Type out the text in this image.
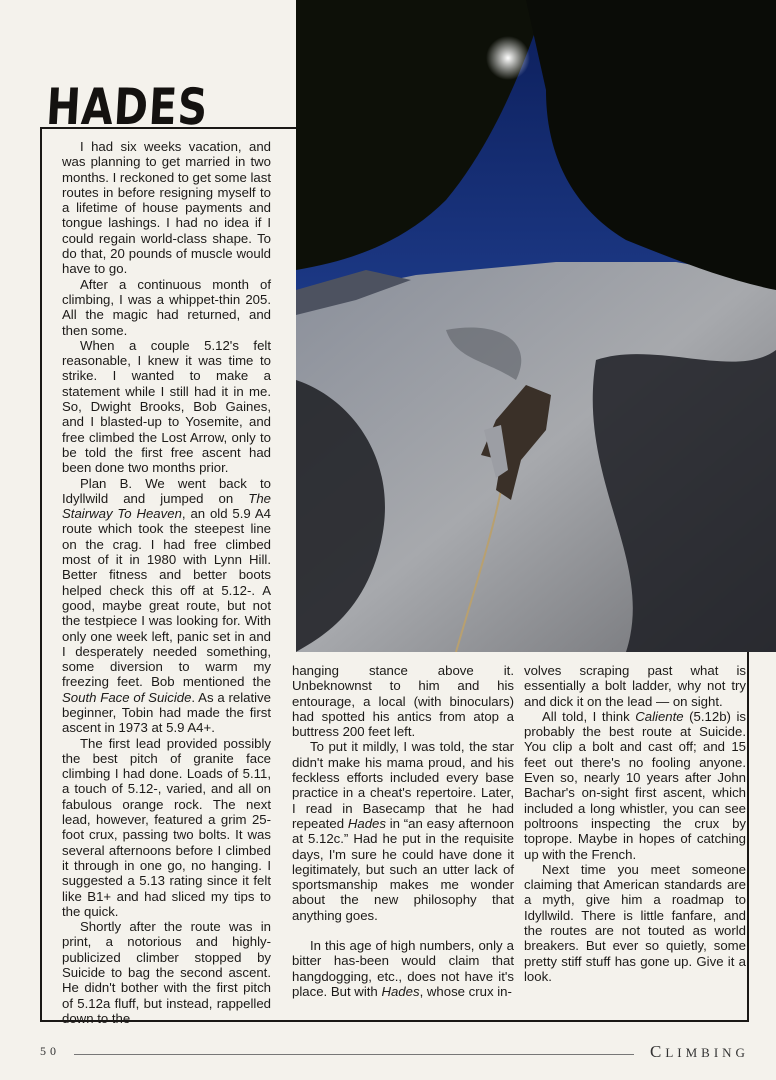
HADES

I had six weeks vacation, and was planning to get married in two months. I reckoned to get some last routes in before resigning myself to a lifetime of house payments and tongue lashings. I had no idea if I could regain world-class shape. To do that, 20 pounds of muscle would have to go.

After a continuous month of climbing, I was a whippet-thin 205. All the magic had returned, and then some.

When a couple 5.12's felt reasonable, I knew it was time to strike. I wanted to make a statement while I still had it in me. So, Dwight Brooks, Bob Gaines, and I blasted-up to Yosemite, and free climbed the Lost Arrow, only to be told the first free ascent had been done two months prior.

Plan B. We went back to Idyllwild and jumped on The Stairway To Heaven, an old 5.9 A4 route which took the steepest line on the crag. I had free climbed most of it in 1980 with Lynn Hill. Better fitness and better boots helped check this off at 5.12-. A good, maybe great route, but not the testpiece I was looking for. With only one week left, panic set in and I desperately needed something, some diversion to warm my freezing feet. Bob mentioned the South Face of Suicide. As a relative beginner, Tobin had made the first ascent in 1973 at 5.9 A4+.

The first lead provided possibly the best pitch of granite face climbing I had done. Loads of 5.11, a touch of 5.12-, varied, and all on fabulous orange rock. The next lead, however, featured a grim 25-foot crux, passing two bolts. It was several afternoons before I climbed it through in one go, no hanging. I suggested a 5.13 rating since it felt like B1+ and had sliced my tips to the quick.

Shortly after the route was in print, a notorious and highly-publicized climber stopped by Suicide to bag the second ascent. He didn't bother with the first pitch of 5.12a fluff, but instead, rappelled down to the

hanging stance above it. Unbeknownst to him and his entourage, a local (with binoculars) had spotted his antics from atop a buttress 200 feet left.

To put it mildly, I was told, the star didn't make his mama proud, and his feckless efforts included every base practice in a cheat's repertoire. Later, I read in Basecamp that he had repeated Hades in “an easy afternoon at 5.12c.” Had he put in the requisite days, I'm sure he could have done it legitimately, but such an utter lack of sportsmanship makes me wonder about the new philosophy that anything goes.

In this age of high numbers, only a bitter has-been would claim that hangdogging, etc., does not have it's place. But with Hades, whose crux in-

volves scraping past what is essentially a bolt ladder, why not try and dick it on the lead — on sight.

All told, I think Caliente (5.12b) is probably the best route at Suicide. You clip a bolt and cast off; and 15 feet out there's no fooling anyone. Even so, nearly 10 years after John Bachar's on-sight first ascent, which included a long whistler, you can see poltroons inspecting the crux by toprope. Maybe in hopes of catching up with the French.

Next time you meet someone claiming that American standards are a myth, give him a roadmap to Idyllwild. There is little fanfare, and the routes are not touted as world breakers. But ever so quietly, some pretty stiff stuff has gone up. Give it a look.

50	CLIMBING
